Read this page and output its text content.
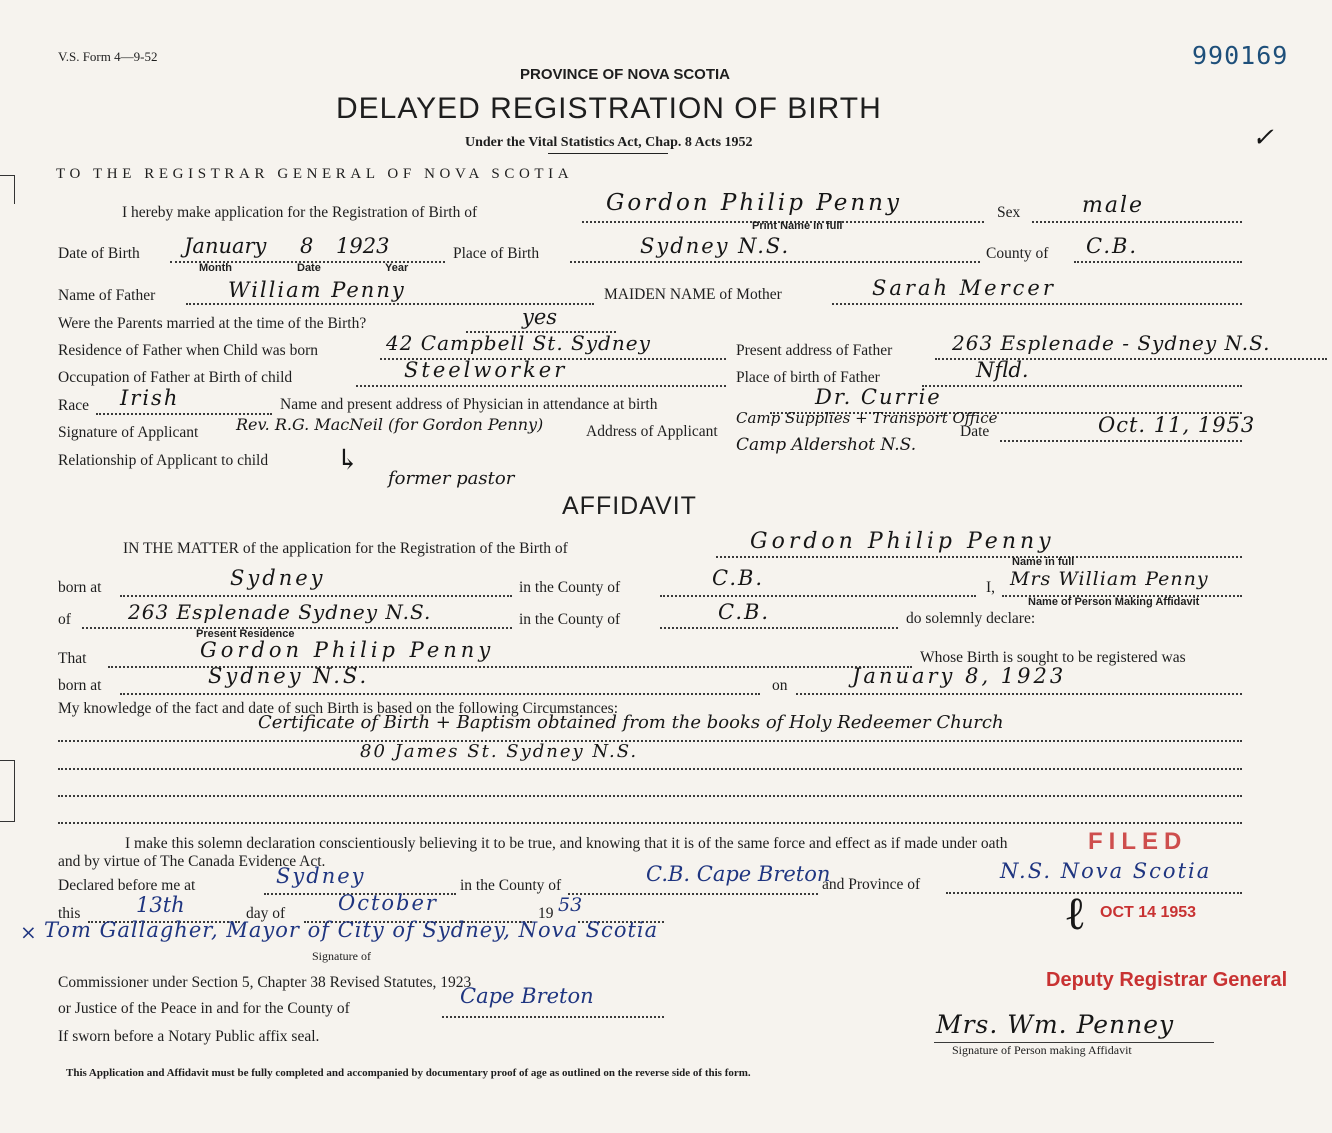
V.S. Form 4—9-52	990169
PROVINCE OF NOVA SCOTIA
DELAYED REGISTRATION OF BIRTH
Under the Vital Statistics Act, Chap. 8 Acts 1952
TO THE REGISTRAR GENERAL OF NOVA SCOTIA
✓
I hereby make application for the Registration of Birth of	Gordon Philip Penny
Print Name in full
Sex	male
Date of Birth January 8 1923
Month	Date	Year
Place of Birth	Sydney N.S.	County of C.B.
Name of Father	William Penny	MAIDEN NAME of Mother	Sarah Mercer
Were the Parents married at the time of the Birth?	yes
Residence of Father when Child was born	42 Campbell St. Sydney	Present address of Father	263 Esplenade - Sydney N.S.
Occupation of Father at Birth of child	Steelworker	Place of birth of Father	Nfld.
Race Irish	Name and present address of Physician in attendance at birth	Dr. Currie
Signature of Applicant Rev. R.G. MacNeil (for Gordon Penny)	Address of Applicant
Camp Supplies + Transport Office
Camp Aldershot N.S.
Date	Oct. 11, 1953
Relationship of Applicant to child ↳
former pastor
AFFIDAVIT
IN THE MATTER of the application for the Registration of the Birth of	Gordon Philip Penny
Name in full
born at	Sydney	in the County of	C.B.	I, Mrs William Penny
Name of Person Making Affidavit
of	263 Esplenade Sydney N.S.
Present Residence
in the County of	C.B.	do solemnly declare:
That	Gordon Philip Penny	Whose Birth is sought to be registered was
born at	Sydney N.S.	on	January 8, 1923
My knowledge of the fact and date of such Birth is based on the following Circumstances:
Certificate of Birth + Baptism obtained from the books of Holy Redeemer Church
80 James St. Sydney N.S.
I make this solemn declaration conscientiously believing it to be true, and knowing that it is of the same force and effect as if made under oath
and by virtue of The Canada Evidence Act.
Declared before me at	Sydney	in the County of	C.B. Cape Breton
and Province of
N.S. Nova Scotia
this	13th	day of	October	19 53
× Tom Gallagher, Mayor of City of Sydney, Nova Scotia
Signature of
Commissioner under Section 5, Chapter 38 Revised Statutes, 1923
or Justice of the Peace in and for the County of
Cape Breton
If sworn before a Notary Public affix seal.	Mrs. Wm. Penney
Signature of Person making Affidavit
FILED
OCT 14 1953
ℓ
Deputy Registrar General
This Application and Affidavit must be fully completed and accompanied by documentary proof of age as outlined on the reverse side of this form.
